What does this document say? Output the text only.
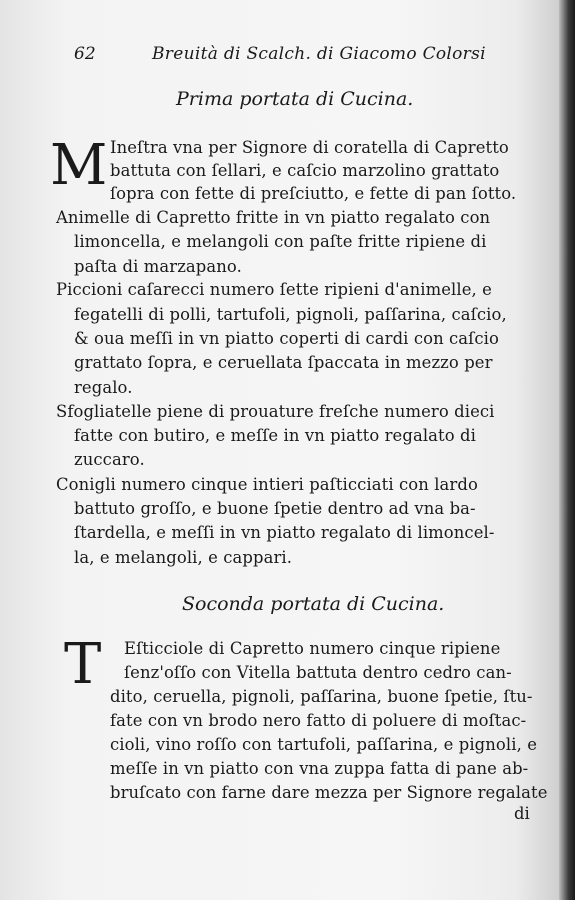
62	Breuità di Scalch. di Giacomo Colorsi
Prima portata di Cucina.
M Ineſtra vna per Signore di coratella di Capretto
battuta con ſellari, e caſcio marzolino grattato
ſopra con fette di preſciutto, e fette di pan ſotto.
Animelle di Capretto fritte in vn piatto regalato con
limoncella, e melangoli con paſte fritte ripiene di
paſta di marzapano.
Piccioni caſarecci numero ſette ripieni d'animelle, e
fegatelli di polli, tartufoli, pignoli, paſſarina, caſcio,
& oua meſſi in vn piatto coperti di cardi con caſcio
grattato ſopra, e ceruellata ſpaccata in mezzo per
regalo.
Sfogliatelle piene di prouature freſche numero dieci
fatte con butiro, e meſſe in vn piatto regalato di
zuccaro.
Conigli numero cinque intieri paſticciati con lardo
battuto groſſo, e buone ſpetie dentro ad vna ba-
ſtardella, e meſſi in vn piatto regalato di limoncel-
la, e melangoli, e cappari.
Soconda portata di Cucina.
T Eſticciole di Capretto numero cinque ripiene
ſenz'oſſo con Vitella battuta dentro cedro can-
dito, ceruella, pignoli, paſſarina, buone ſpetie, ſtu-
fate con vn brodo nero fatto di poluere di moſtac-
cioli, vino roſſo con tartufoli, paſſarina, e pignoli, e
meſſe in vn piatto con vna zuppa fatta di pane ab-
bruſcato con farne dare mezza per Signore regalate
di
